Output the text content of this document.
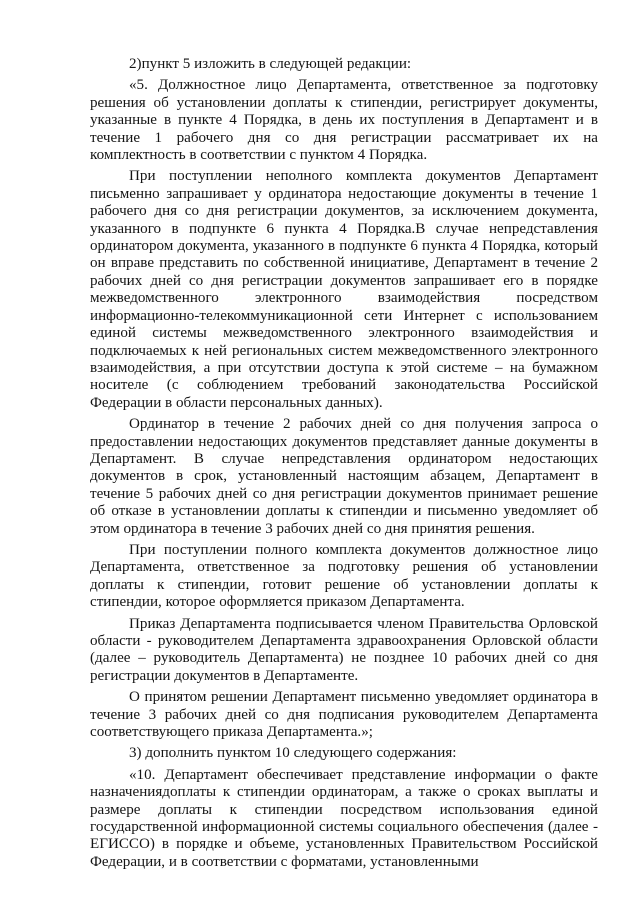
2)пункт 5 изложить в следующей редакции:

«5. Должностное лицо Департамента, ответственное за подготовку решения об установлении доплаты к стипендии, регистрирует документы, указанные в пункте 4 Порядка, в день их поступления в Департамент и в течение 1 рабочего дня со дня регистрации рассматривает их на комплектность в соответствии с пунктом 4 Порядка.

При поступлении неполного комплекта документов Департамент письменно запрашивает у ординатора недостающие документы в течение 1 рабочего дня со дня регистрации документов, за исключением документа, указанного в подпункте 6 пункта 4 Порядка.В случае непредставления ординатором документа, указанного в подпункте 6 пункта 4 Порядка, который он вправе представить по собственной инициативе, Департамент в течение 2 рабочих дней со дня регистрации документов запрашивает его в порядке межведомственного электронного взаимодействия посредством информационно-телекоммуникационной сети Интернет с использованием единой системы межведомственного электронного взаимодействия и подключаемых к ней региональных систем межведомственного электронного взаимодействия, а при отсутствии доступа к этой системе – на бумажном носителе (с соблюдением требований законодательства Российской Федерации в области персональных данных).

Ординатор в течение 2 рабочих дней со дня получения запроса о предоставлении недостающих документов представляет данные документы в Департамент. В случае непредставления ординатором недостающих документов в срок, установленный настоящим абзацем, Департамент в течение 5 рабочих дней со дня регистрации документов принимает решение об отказе в установлении доплаты к стипендии и письменно уведомляет об этом ординатора в течение 3 рабочих дней со дня принятия решения.

При поступлении полного комплекта документов должностное лицо Департамента, ответственное за подготовку решения об установлении доплаты к стипендии, готовит решение об установлении доплаты к стипендии, которое оформляется приказом Департамента.

Приказ Департамента подписывается членом Правительства Орловской области - руководителем Департамента здравоохранения Орловской области (далее – руководитель Департамента) не позднее 10 рабочих дней со дня регистрации документов в Департаменте.

О принятом решении Департамент письменно уведомляет ординатора в течение 3 рабочих дней со дня подписания руководителем Департамента соответствующего приказа Департамента.»;

3) дополнить пунктом 10 следующего содержания:

«10. Департамент обеспечивает представление информации о факте назначениядоплаты к стипендии ординаторам, а также о сроках выплаты и размере доплаты к стипендии посредством использования единой государственной информационной системы социального обеспечения (далее - ЕГИССО) в порядке и объеме, установленных Правительством Российской Федерации, и в соответствии с форматами, установленными
